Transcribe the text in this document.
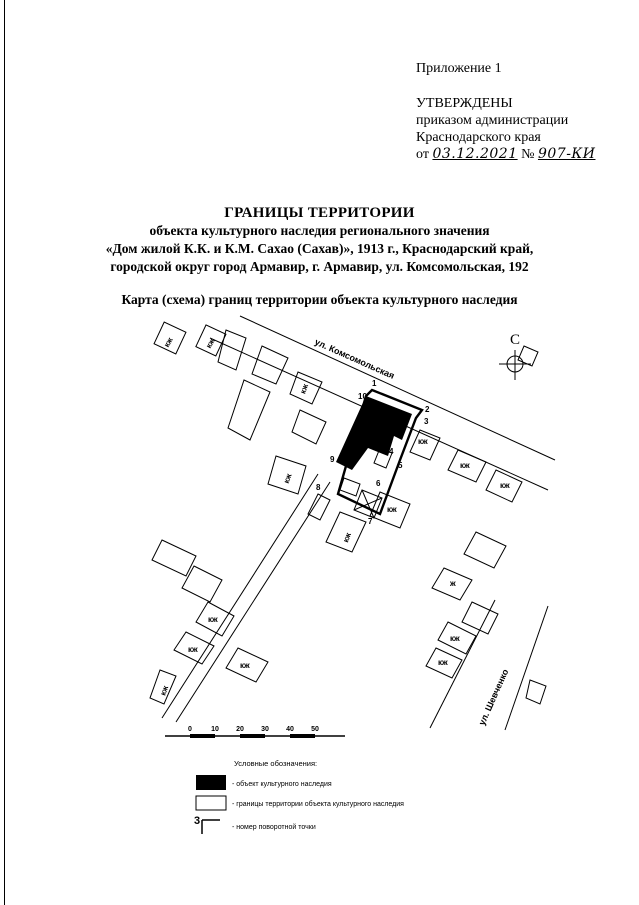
Приложение 1
УТВЕРЖДЕНЫ
приказом администрации
Краснодарского края
от 03.12.2021 № 907-КИ
ГРАНИЦЫ ТЕРРИТОРИИ
объекта культурного наследия регионального значения
«Дом жилой К.К. и К.М. Сахао (Сахав)», 1913 г., Краснодарский край,
городской округ город Армавир, г. Армавир, ул. Комсомольская, 192
Карта (схема) границ территории объекта культурного наследия
1
2
3
4
5
6
7
8
9
10
кж	кж
кж
кж
кж
кж
кж
кж
кж
ж
кж
кж
кж
кж
кж
кж
ул. Комсомольская
ул. Шевченко
С
0	10 20 30 40 50
Условные обозначения:
- объект культурного наследия
- границы территории объекта культурного наследия
3
- номер поворотной точки
